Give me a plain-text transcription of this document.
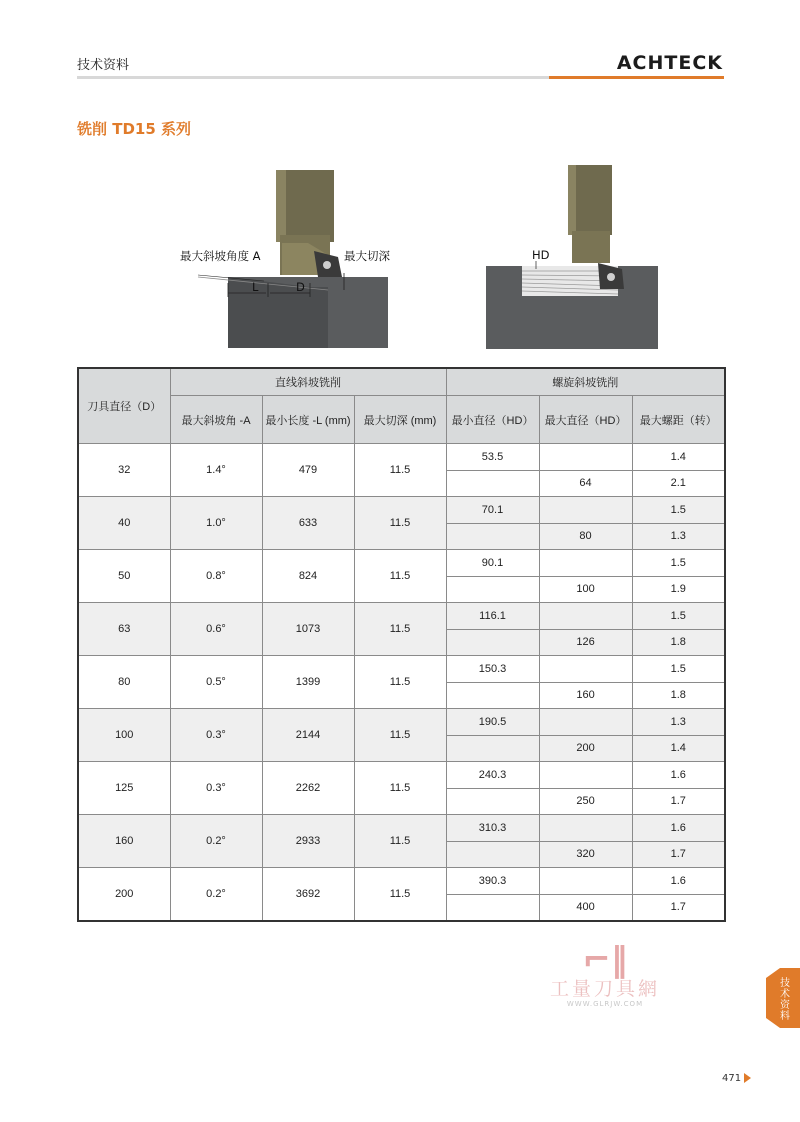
技术资料	ACHTECK
铣削 TD15 系列
最大斜坡角度 A	最大切深
L	D
HD
刀具直径（D）	直线斜坡铣削			螺旋斜坡铣削		
	最大斜坡角 -A	最小长度 -L (mm)	最大切深 (mm)	最小直径（HD）	最大直径（HD）	最大螺距（转）
32	1.4°	479	11.5	53.5		1.4
					64	2.1
40	1.0°	633	11.5	70.1		1.5
					80	1.3
50	0.8°	824	11.5	90.1		1.5
					100	1.9
63	0.6°	1073	11.5	116.1		1.5
					126	1.8
80	0.5°	1399	11.5	150.3		1.5
					160	1.8
100	0.3°	2144	11.5	190.5		1.3
					200	1.4
125	0.3°	2262	11.5	240.3		1.6
					250	1.7
160	0.2°	2933	11.5	310.3		1.6
					320	1.7
200	0.2°	3692	11.5	390.3		1.6
					400	1.7
⌐‖
工量刀具網
WWW.GLRJW.COM
技术资料
471
